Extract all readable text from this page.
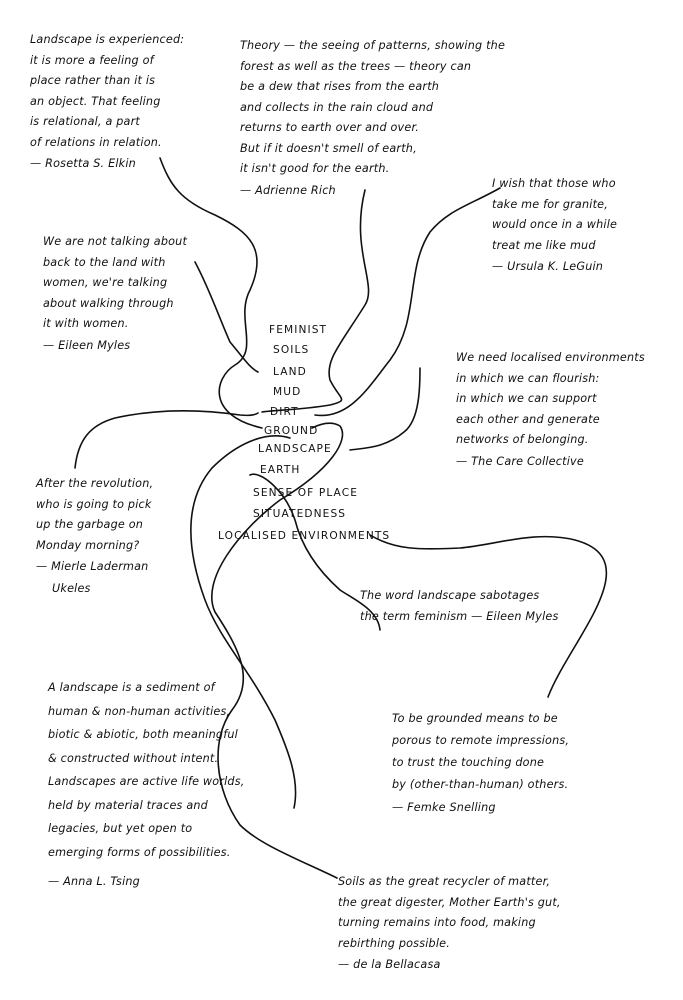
FEMINIST
SOILS
LAND
MUD
DIRT
GROUND
LANDSCAPE
EARTH
SENSE OF PLACE
SITUATEDNESS
LOCALISED ENVIRONMENTS
Landscape is experienced:
it is more a feeling of
place rather than it is
an object. That feeling
is relational, a part
of relations in relation.
— Rosetta S. Elkin
Theory — the seeing of patterns, showing the
forest as well as the trees — theory can
be a dew that rises from the earth
and collects in the rain cloud and
returns to earth over and over.
But if it doesn't smell of earth,
it isn't good for the earth.
— Adrienne Rich	I wish that those who
take me for granite,
would once in a while
treat me like mud
— Ursula K. LeGuin
We are not talking about
back to the land with
women, we're talking
about walking through
it with women.
— Eileen Myles
We need localised environments
in which we can flourish:
in which we can support
each other and generate
networks of belonging.
— The Care Collective
After the revolution,
who is going to pick
up the garbage on
Monday morning?
— Mierle Laderman
Ukeles
The word landscape sabotages
the term feminism — Eileen Myles
A landscape is a sediment of
human & non-human activities,
biotic & abiotic, both meaningful
& constructed without intent.
Landscapes are active life worlds,
held by material traces and
legacies, but yet open to
emerging forms of possibilities.
— Anna L. Tsing
To be grounded means to be
porous to remote impressions,
to trust the touching done
by (other-than-human) others.
— Femke Snelling
Soils as the great recycler of matter,
the great digester, Mother Earth's gut,
turning remains into food, making
rebirthing possible.
— de la Bellacasa
